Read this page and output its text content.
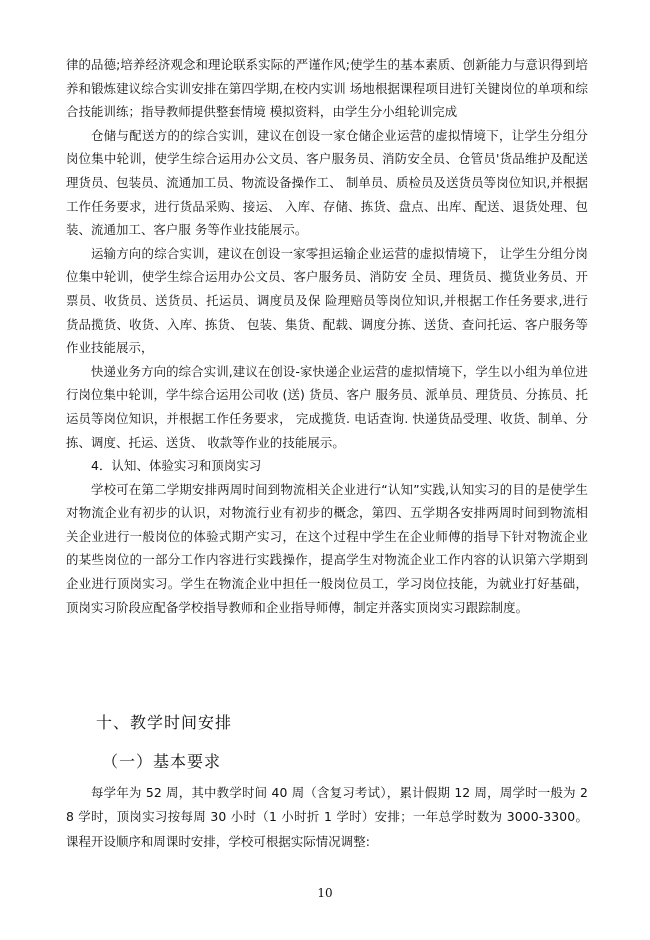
律的品德;培养经济观念和理论联系实际的严谨作风;使学生的基本素质、创新能力与意识得到培养和锻炼建议综合实训安排在第四学期,在校内实训 场地根据课程项目进钉关键岗位的单项和综合技能训练；指导教师提供整套情境 模拟资料，由学生分小组轮训完成

仓储与配送方的的综合实训，建议在创设一家仓储企业运营的虚拟情境下，让学生分组分岗位集中轮训，使学生综合运用办公文员、客户服务员、消防安全员、仓管员'货品维护及配送理货员、包装员、流通加工员、物流设备操作工、 制单员、质检员及送货员等岗位知识,并根据工作任务要求，进行货品采购、接运、 入库、存储、拣货、盘点、出库、配送、退货处理、包装、流通加工、客户服 务等作业技能展示。

运输方向的综合实训，建议在创设一家零担运输企业运营的虚拟情境下， 让学生分组分岗位集中轮训，使学生综合运用办公文员、客户服务员、消防安 全员、理货员、揽货业务员、开票员、收货员、送货员、托运员、调度员及保 险理赔员等岗位知识,并根据工作任务要求,进行货品揽货、收货、入库、拣货、 包装、集货、配载、调度分拣、送货、查问托运、客户服务等作业技能展示，

快递业务方向的综合实训,建议在创设-家快递企业运营的虚拟情境下，学生以小组为单位进行岗位集中轮训，学牛综合运用公司收 (送) 货员、客户 服务员、派单员、理货员、分拣员、托运员等岗位知识，并根据工作任务要求， 完成揽货. 电话查询. 快递货品受理、收货、制单、分拣、调度、托运、送货、 收款等作业的技能展示。

4．认知、体验实习和顶岗实习

学校可在第二学期安排两周时间到物流相关企业进行“认知”实践,认知实习的目的是使学生对物流企业有初步的认识，对物流行业有初步的概念，第四、五学期各安排两周时间到物流相关企业进行一般岗位的体验式期产实习，在这个过程中学生在企业师傅的指导下针对物流企业的某些岗位的一部分工作内容进行实践操作，提高学生对物流企业工作内容的认识第六学期到企业进行顶岗实习。学生在物流企业中担任一般岗位员工，学习岗位技能，为就业打好基础，顶岗实习阶段应配备学校指导教师和企业指导师傅，制定并落实顶岗实习跟踪制度。

十、教学时间安排
（一）基本要求

每学年为 52 周，其中教学时间 40 周（含复习考试），累计假期 12 周，周学时一般为 28 学时，顶岗实习按每周 30 小时（1 小时折 1 学时）安排；一年总学时数为 3000-3300。课程开设顺序和周课时安排，学校可根据实际情况调整:

10
